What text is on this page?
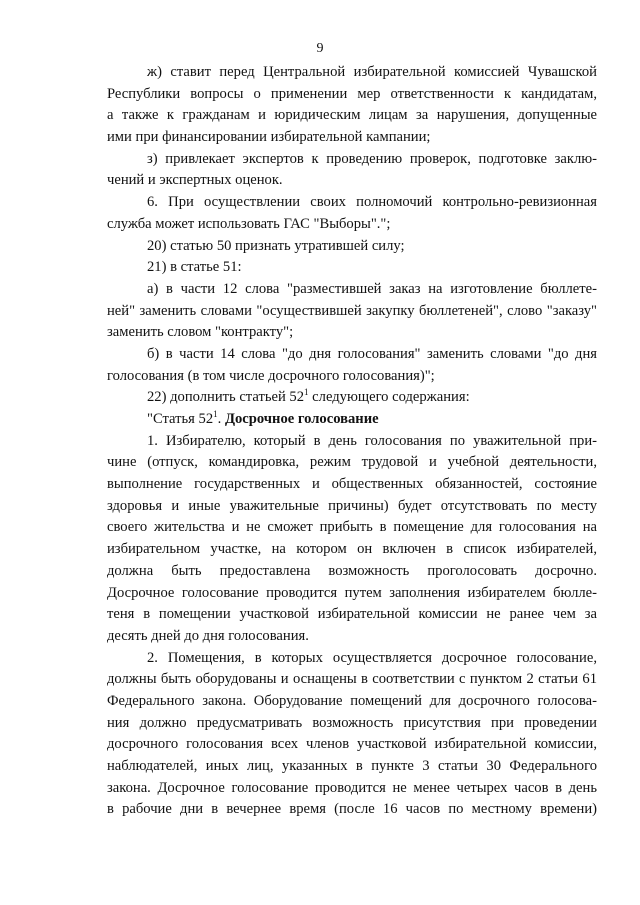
9
ж) ставит перед Центральной избирательной комиссией Чувашской
Республики вопросы о применении мер ответственности к кандидатам,
а также к гражданам и юридическим лицам за нарушения, допущенные
ими при финансировании избирательной кампании;
з) привлекает экспертов к проведению проверок, подготовке заклю-
чений и экспертных оценок.
6. При осуществлении своих полномочий контрольно-ревизионная
служба может использовать ГАС "Выборы".";
20) статью 50 признать утратившей силу;
21) в статье 51:
а) в части 12 слова "разместившей заказ на изготовление бюллете-
ней" заменить словами "осуществившей закупку бюллетеней", слово "заказу"
заменить словом "контракту";
б) в части 14 слова "до дня голосования" заменить словами "до дня
голосования (в том числе досрочного голосования)";
22) дополнить статьей $52^1$ следующего содержания:
"Статья $52^1$. Досрочное голосование
1. Избирателю, который в день голосования по уважительной при-
чине (отпуск, командировка, режим трудовой и учебной деятельности,
выполнение государственных и общественных обязанностей, состояние
здоровья и иные уважительные причины) будет отсутствовать по месту
своего жительства и не сможет прибыть в помещение для голосования на
избирательном участке, на котором он включен в список избирателей,
должна быть предоставлена возможность проголосовать досрочно.
Досрочное голосование проводится путем заполнения избирателем бюлле-
теня в помещении участковой избирательной комиссии не ранее чем за
десять дней до дня голосования.
2. Помещения, в которых осуществляется досрочное голосование,
должны быть оборудованы и оснащены в соответствии с пунктом 2 статьи 61
Федерального закона. Оборудование помещений для досрочного голосова-
ния должно предусматривать возможность присутствия при проведении
досрочного голосования всех членов участковой избирательной комиссии,
наблюдателей, иных лиц, указанных в пункте 3 статьи 30 Федерального
закона. Досрочное голосование проводится не менее четырех часов в день
в рабочие дни в вечернее время (после 16 часов по местному времени)
